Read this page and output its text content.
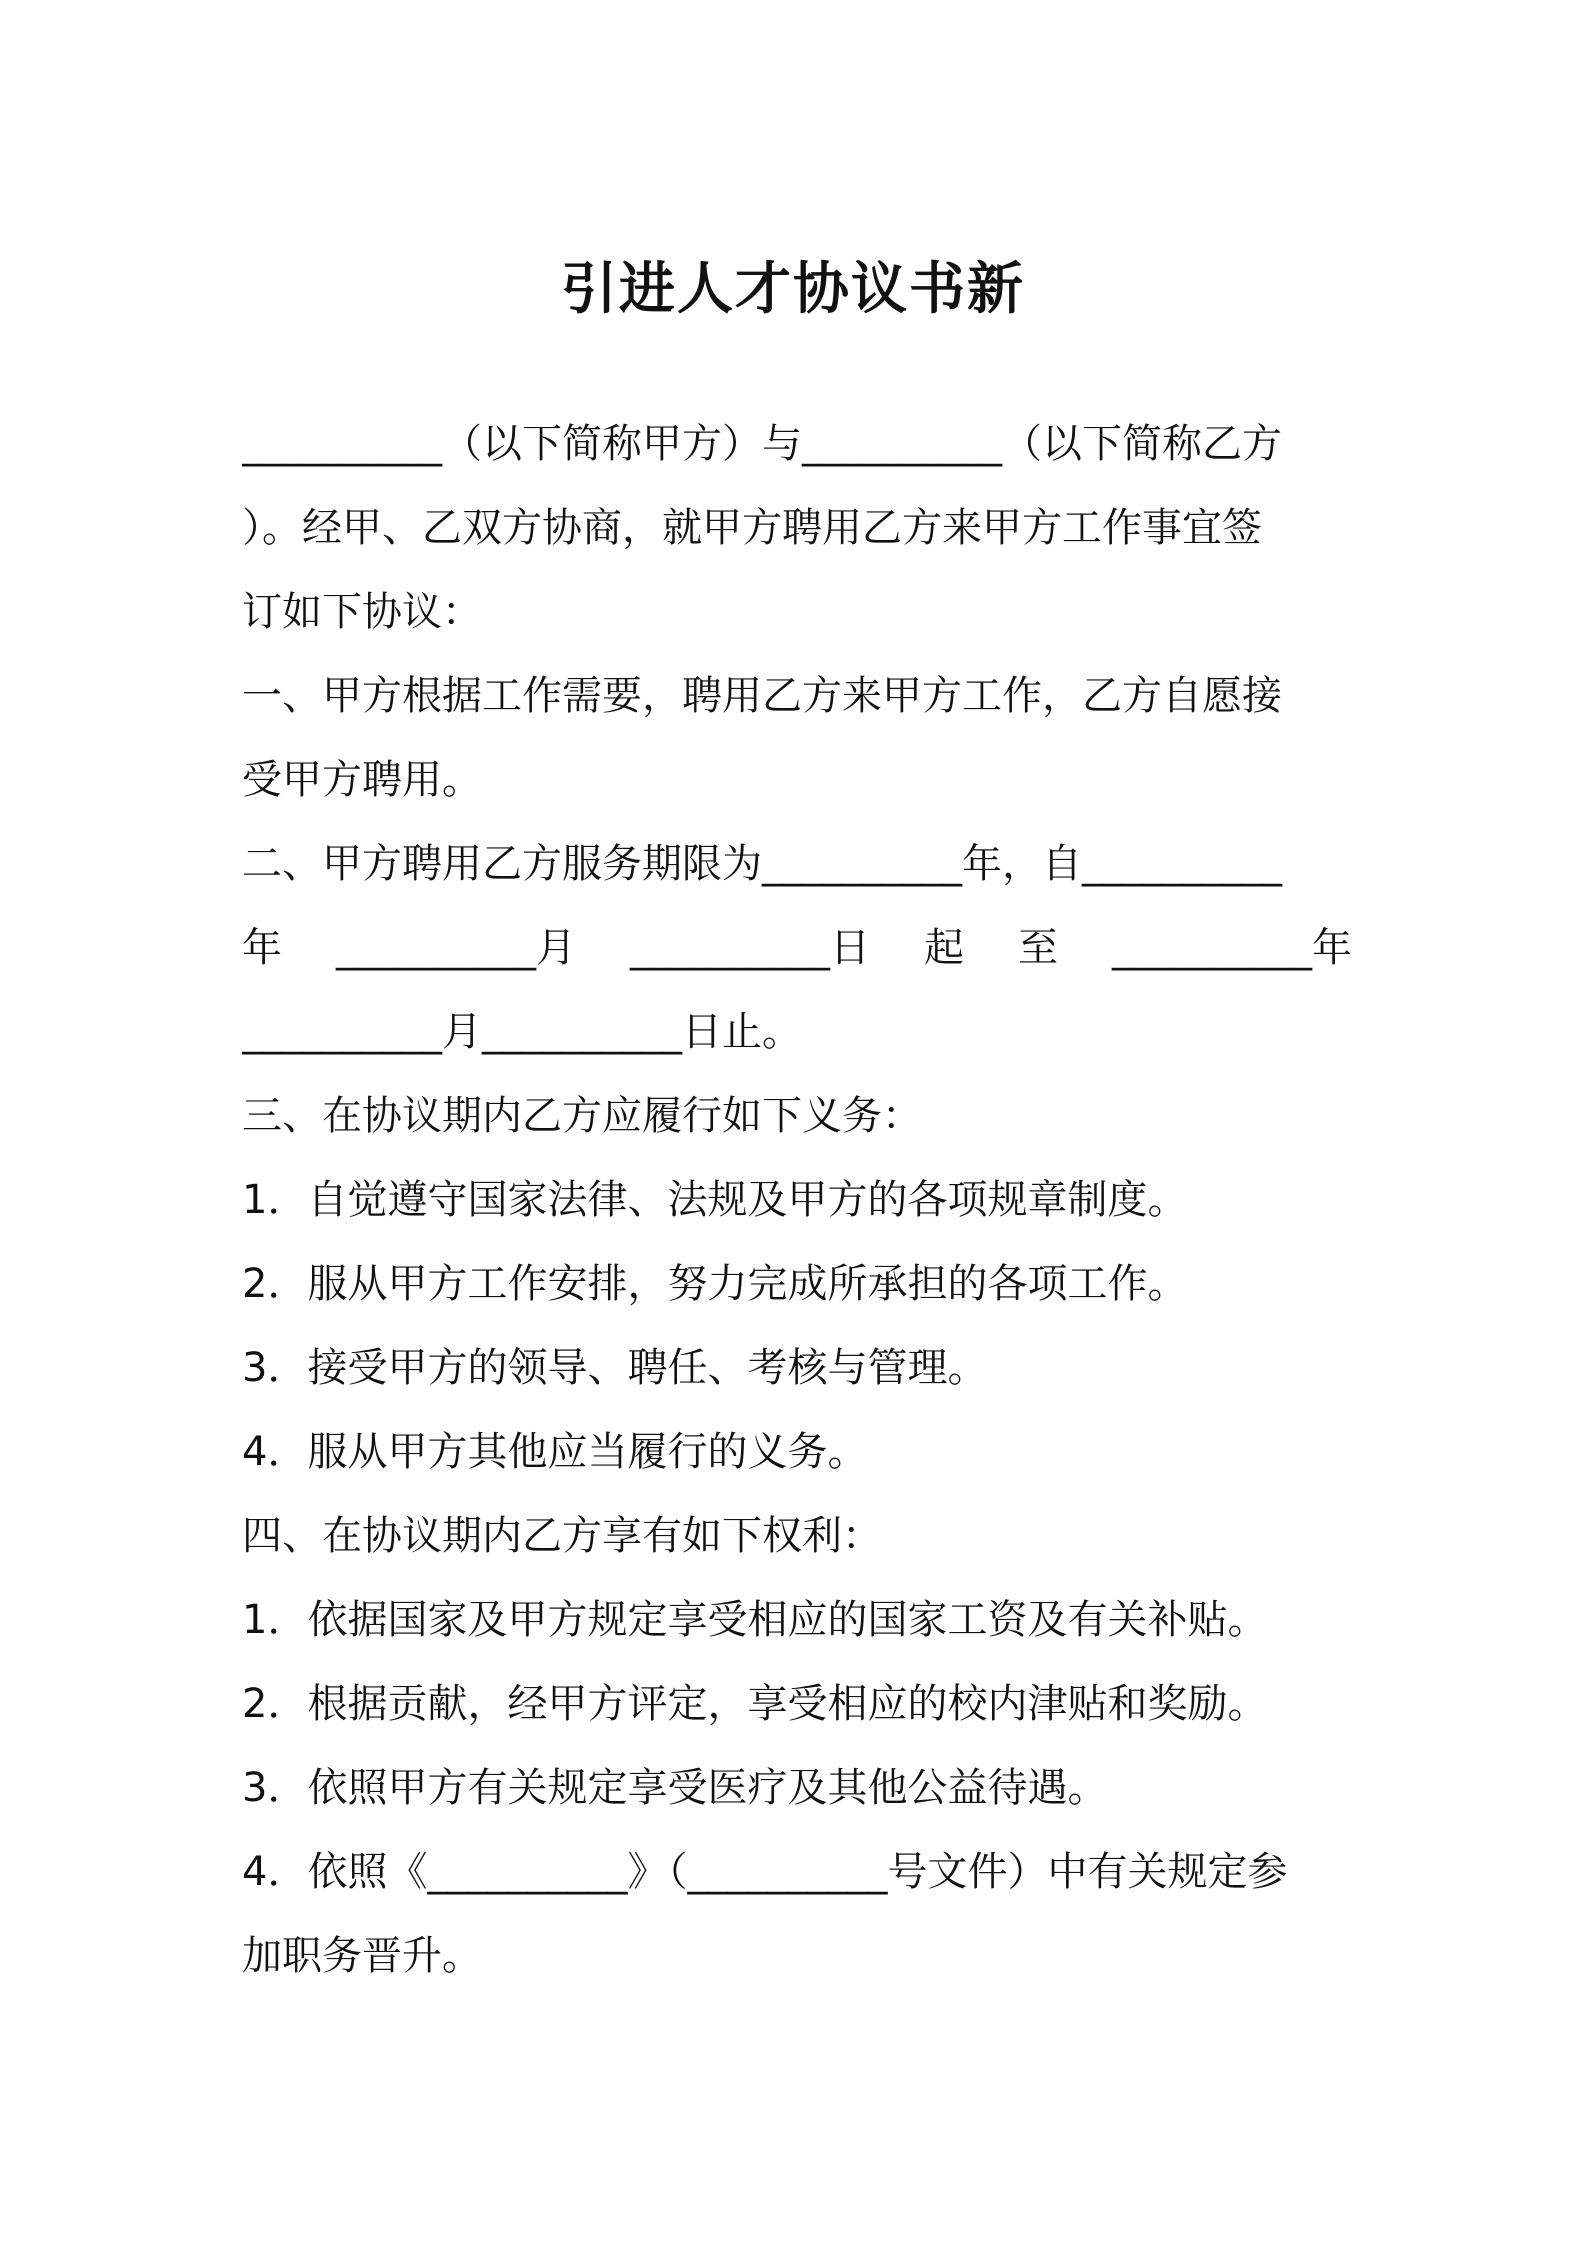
引进人才协议书新
__________（以下简称甲方）与__________（以下简称乙方
）。经甲、乙双方协商，就甲方聘用乙方来甲方工作事宜签
订如下协议：
一、甲方根据工作需要，聘用乙方来甲方工作，乙方自愿接
受甲方聘用。
二、甲方聘用乙方服务期限为__________年，自__________
年 __________月 __________日 起 至 __________年
__________月__________日止。
三、在协议期内乙方应履行如下义务：
1．自觉遵守国家法律、法规及甲方的各项规章制度。
2．服从甲方工作安排，努力完成所承担的各项工作。
3．接受甲方的领导、聘任、考核与管理。
4．服从甲方其他应当履行的义务。
四、在协议期内乙方享有如下权利：
1．依据国家及甲方规定享受相应的国家工资及有关补贴。
2．根据贡献，经甲方评定，享受相应的校内津贴和奖励。
3．依照甲方有关规定享受医疗及其他公益待遇。
4．依照《__________》（__________号文件）中有关规定参
加职务晋升。
